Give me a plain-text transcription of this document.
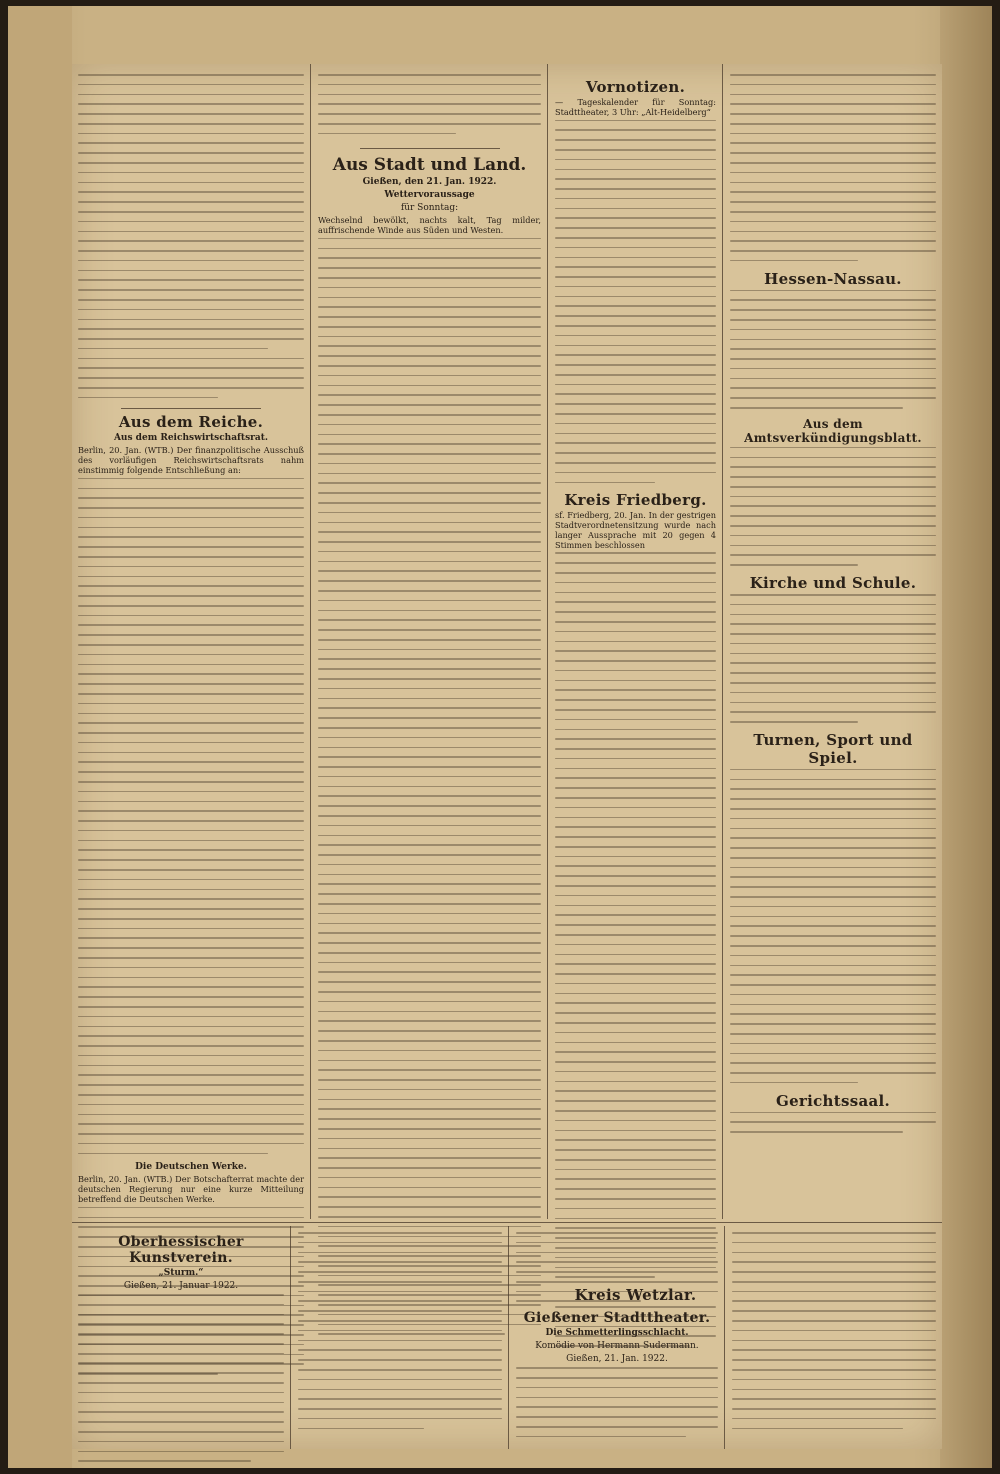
Aus dem Reiche.
Aus dem Reichswirtschaftsrat.

Berlin, 20. Jan. (WTB.) Der finanzpolitische Ausschuß des vorläufigen Reichswirtschaftsrats nahm einstimmig folgende Entschließung an:

Die Deutschen Werke.

Berlin, 20. Jan. (WTB.) Der Botschafterrat machte der deutschen Regierung nur eine kurze Mitteilung betreffend die Deutschen Werke.

Aus Stadt und Land.
Gießen, den 21. Jan. 1922.
Wettervoraussage
für Sonntag:

Wechselnd bewölkt, nachts kalt, Tag milder, auffrischende Winde aus Süden und Westen.

Vornotizen.

— Tageskalender für Sonntag: Stadttheater, 3 Uhr: „Alt-Heidelberg“

Kreis Friedberg.

sf. Friedberg, 20. Jan. In der gestrigen Stadtverordnetensitzung wurde nach langer Aussprache mit 20 gegen 4 Stimmen beschlossen

Kreis Wetzlar.
Hessen-Nassau.
Aus dem Amtsverkündigungsblatt.
Kirche und Schule.
Turnen, Sport und Spiel.
Gerichtssaal.
Oberhessischer Kunstverein.
„Sturm.“
Gießen, 21. Januar 1922.
Gießener Stadttheater.
Die Schmetterlingsschlacht.
Komödie von Hermann Sudermann.
Gießen, 21. Jan. 1922.
